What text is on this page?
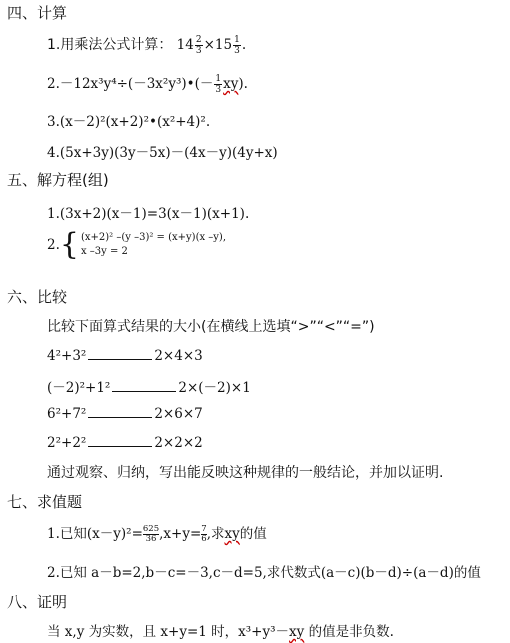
四、计算
1.用乘法公式计算： $14 \frac{2}{3} \times 15 \frac{1}{3}$ .
2.－12x³y⁴÷(－3x²y³)•(－ $\frac{1}{3} xy$).
3.(x－2)²(x+2)²•(x²+4)².
4.(5x+3y)(3y－5x)－(4x－y)(4y+x)
五、解方程(组)
1.(3x+2)(x－1)=3(x－1)(x+1).
2.{ (x+2)² –(y –3)² = (x+y)(x –y),
x –3y = 2
六、比较
比较下面算式结果的大小(在横线上选填“>”“<”“=”)
4²+3²	2×4×3
(－2)²+1²	2×(－2)×1
6²+7²	2×6×7
2²+2²	2×2×2
通过观察、归纳，写出能反映这种规律的一般结论，并加以证明.
七、求值题
1.已知$(x-y)^2= \frac{625}{36} ,x+y= \frac{7}{6}$ ,求xy的值
2.已知 a－b=2,b－c=－3,c－d=5,求代数式(a－c)(b－d)÷(a－d)的值
八、证明
当 x,y 为实数，且 x+y=1 时，x³+y³－xy 的值是非负数.
